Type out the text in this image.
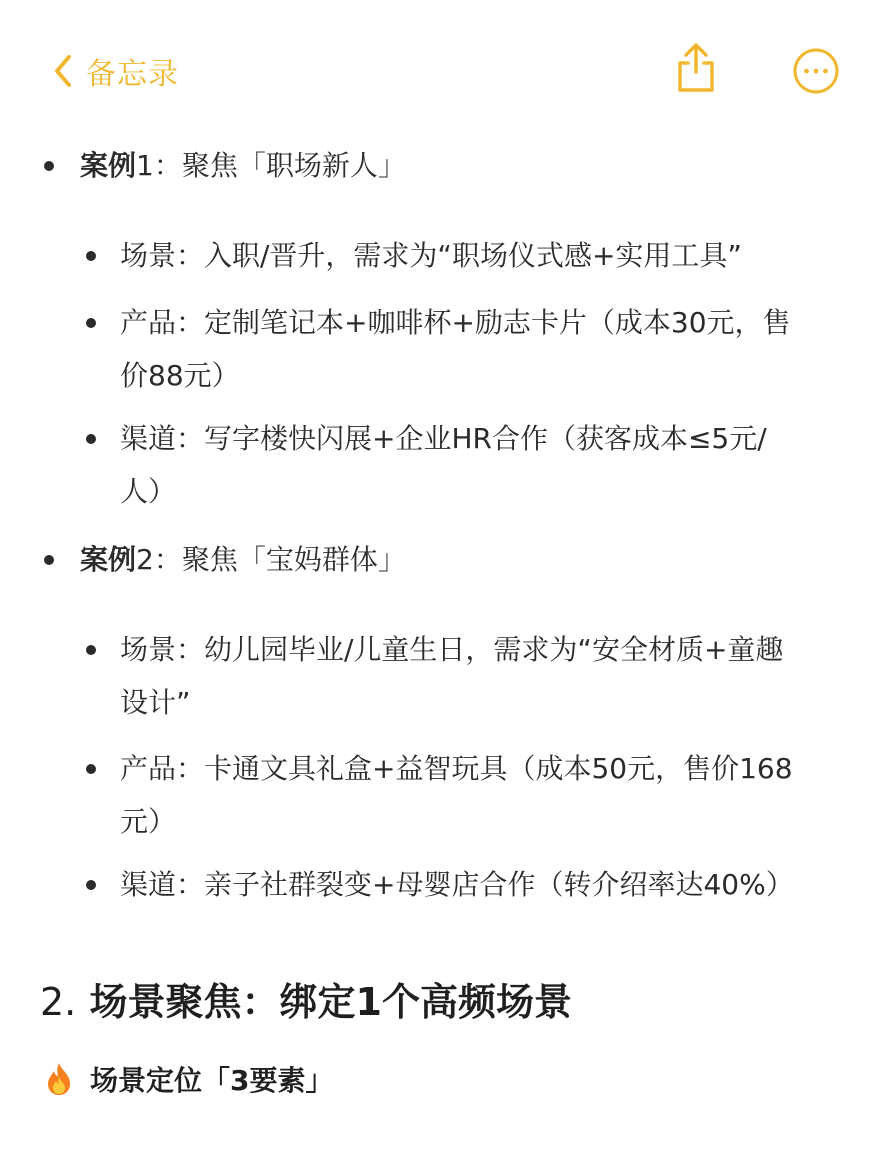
备忘录
案例1：聚焦「职场新人」
场景：入职/晋升，需求为“职场仪式感+实用工具”
产品：定制笔记本+咖啡杯+励志卡片（成本30元，售
价88元）
渠道：写字楼快闪展+企业HR合作（获客成本≤5元/
人）
案例2：聚焦「宝妈群体」
场景：幼儿园毕业/儿童生日，需求为“安全材质+童趣
设计”
产品：卡通文具礼盒+益智玩具（成本50元，售价168
元）
渠道：亲子社群裂变+母婴店合作（转介绍率达40%）
2. 场景聚焦：绑定1个高频场景
场景定位「3要素」
